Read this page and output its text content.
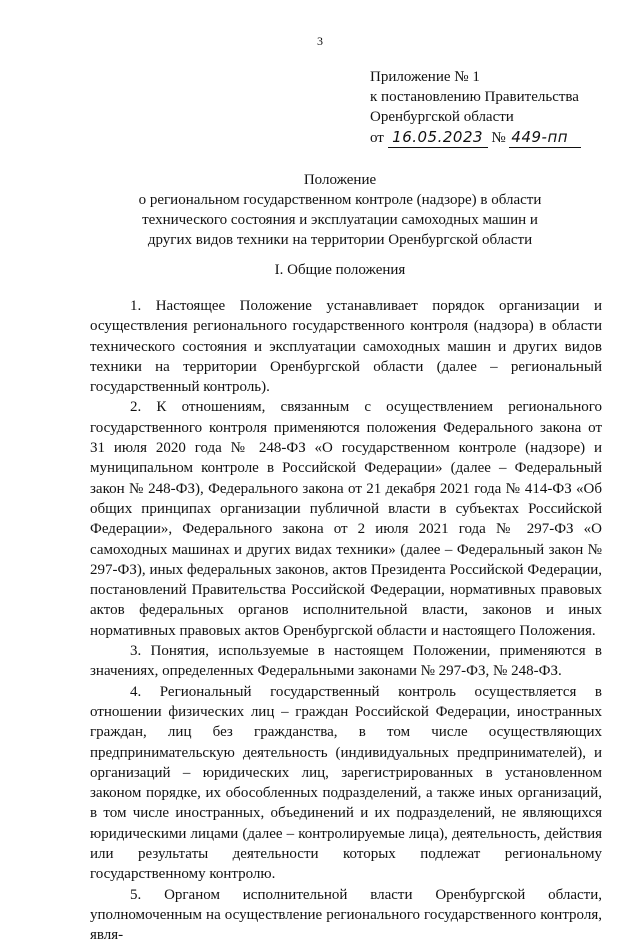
3
Приложение № 1
к постановлению Правительства
Оренбургской области
от 16.05.2023 № 449-пп
Положение
о региональном государственном контроле (надзоре) в области
технического состояния и эксплуатации самоходных машин и
других видов техники на территории Оренбургской области
I. Общие положения

1. Настоящее Положение устанавливает порядок организации и осуществления регионального государственного контроля (надзора) в области технического состояния и эксплуатации самоходных машин и других видов техники на территории Оренбургской области (далее – региональный государственный контроль).

2. К отношениям, связанным с осуществлением регионального государственного контроля применяются положения Федерального закона от 31 июля 2020 года № 248-ФЗ «О государственном контроле (надзоре) и муниципальном контроле в Российской Федерации» (далее – Федеральный закон № 248-ФЗ), Федерального закона от 21 декабря 2021 года № 414-ФЗ «Об общих принципах организации публичной власти в субъектах Российской Федерации», Федерального закона от 2 июля 2021 года № 297-ФЗ «О самоходных машинах и других видах техники» (далее – Федеральный закон № 297-ФЗ), иных федеральных законов, актов Президента Российской Федерации, постановлений Правительства Российской Федерации, нормативных правовых актов федеральных органов исполнительной власти, законов и иных нормативных правовых актов Оренбургской области и настоящего Положения.

3. Понятия, используемые в настоящем Положении, применяются в значениях, определенных Федеральными законами № 297-ФЗ, № 248-ФЗ.

4. Региональный государственный контроль осуществляется в отношении физических лиц – граждан Российской Федерации, иностранных граждан, лиц без гражданства, в том числе осуществляющих предпринимательскую деятельность (индивидуальных предпринимателей), и организаций – юридических лиц, зарегистрированных в установленном законом порядке, их обособленных подразделений, а также иных организаций, в том числе иностранных, объединений и их подразделений, не являющихся юридическими лицами (далее – контролируемые лица), деятельность, действия или результаты деятельности которых подлежат региональному государственному контролю.

5. Органом исполнительной власти Оренбургской области, уполномоченным на осуществление регионального государственного контроля, явля-
